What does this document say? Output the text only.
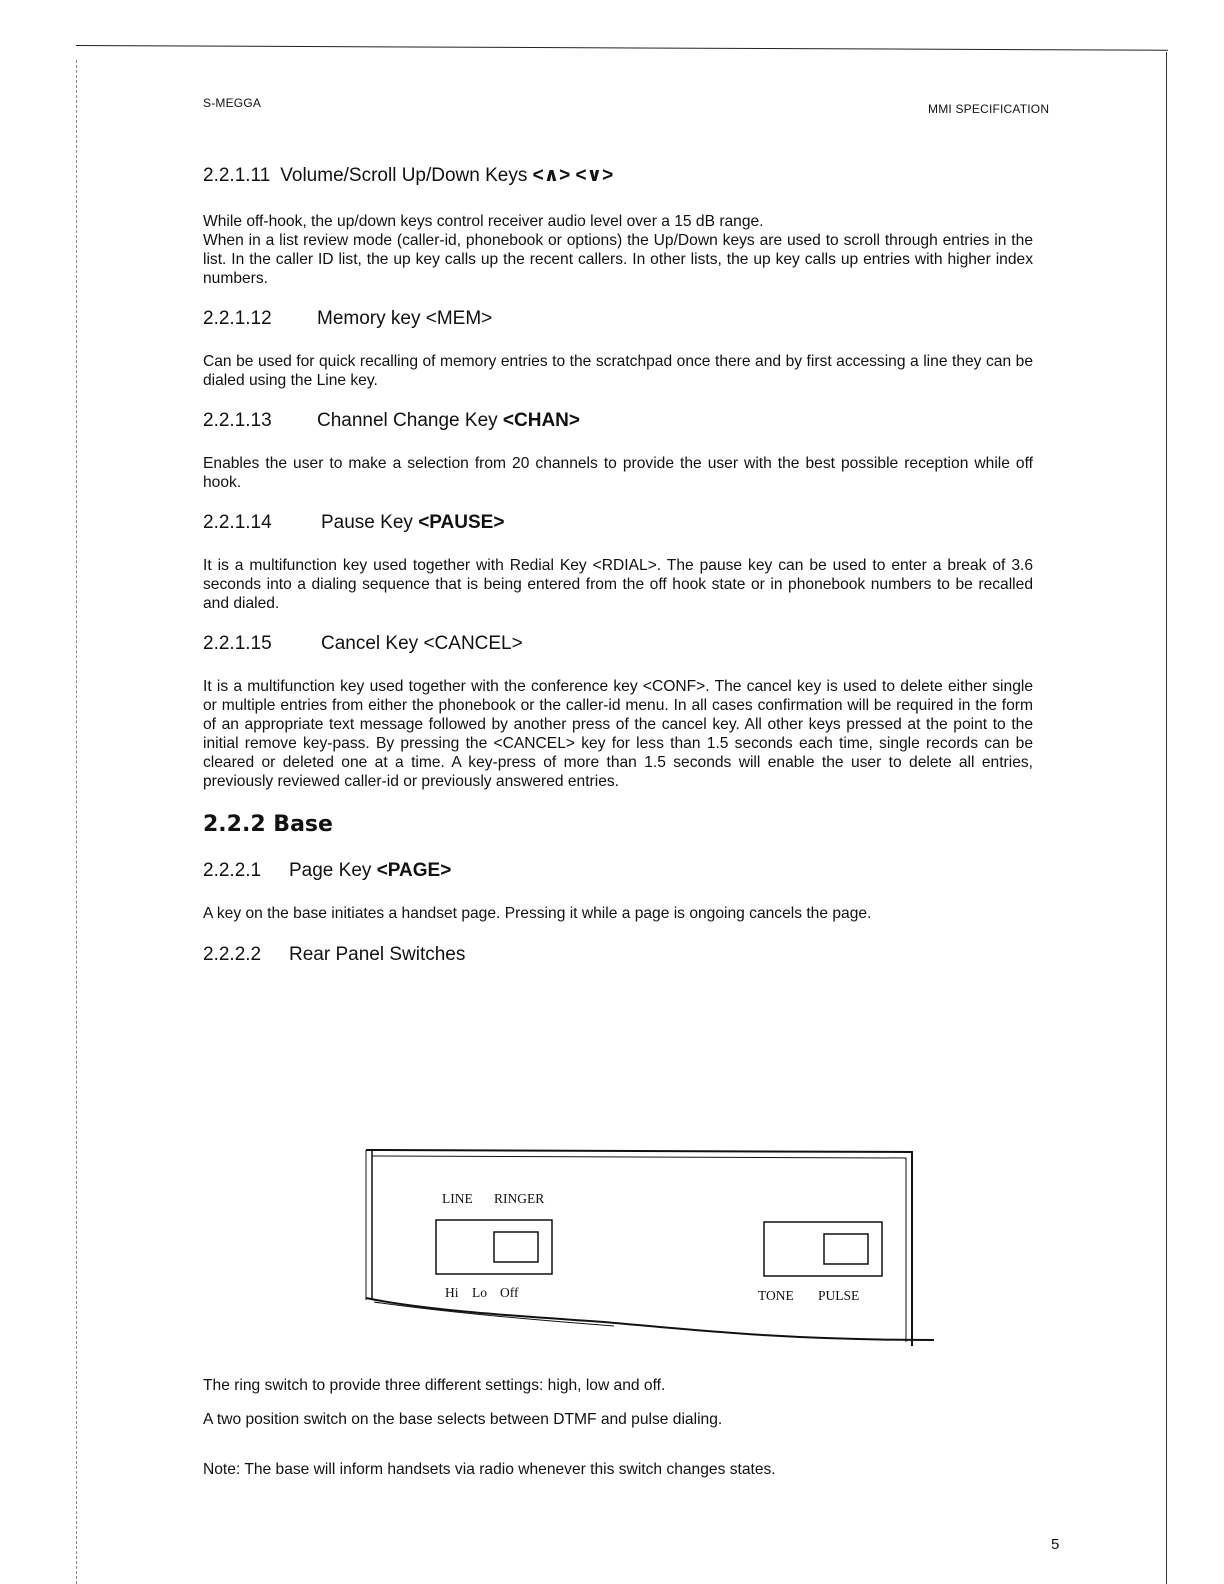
S-MEGGA	MMI SPECIFICATION
2.2.1.11 Volume/Scroll Up/Down Keys <∧> <∨>

While off-hook, the up/down keys control receiver audio level over a 15 dB range.

When in a list review mode (caller-id, phonebook or options) the Up/Down keys are used to scroll through entries in the list. In the caller ID list, the up key calls up the recent callers. In other lists, the up key calls up entries with higher index numbers.

2.2.1.12 Memory key <MEM>

Can be used for quick recalling of memory entries to the scratchpad once there and by first accessing a line they can be dialed using the Line key.

2.2.1.13 Channel Change Key <CHAN>

Enables the user to make a selection from 20 channels to provide the user with the best possible reception while off hook.

2.2.1.14	Pause Key <PAUSE>

It is a multifunction key used together with Redial Key <RDIAL>. The pause key can be used to enter a break of 3.6 seconds into a dialing sequence that is being entered from the off hook state or in phonebook numbers to be recalled and dialed.

2.2.1.15	Cancel Key <CANCEL>

It is a multifunction key used together with the conference key <CONF>. The cancel key is used to delete either single or multiple entries from either the phonebook or the caller-id menu. In all cases confirmation will be required in the form of an appropriate text message followed by another press of the cancel key. All other keys pressed at the point to the initial remove key-pass. By pressing the <CANCEL> key for less than 1.5 seconds each time, single records can be cleared or deleted one at a time. A key-press of more than 1.5 seconds will enable the user to delete all entries, previously reviewed caller-id or previously answered entries.

2.2.2 Base
2.2.2.1 Page Key <PAGE>

A key on the base initiates a handset page. Pressing it while a page is ongoing cancels the page.

2.2.2.2 Rear Panel Switches
LINE RINGER
Hi Lo Off	TONE PULSE
The ring switch to provide three different settings: high, low and off.
A two position switch on the base selects between DTMF and pulse dialing.
Note: The base will inform handsets via radio whenever this switch changes states.
5
